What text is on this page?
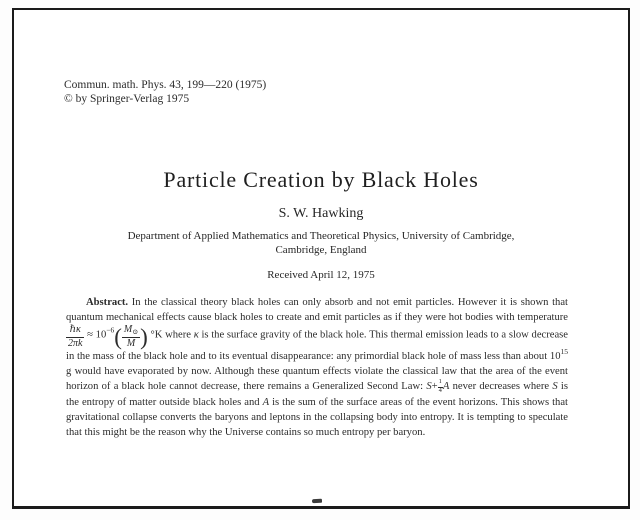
Commun. math. Phys. 43, 199—220 (1975)
© by Springer-Verlag 1975
Particle Creation by Black Holes
S. W. Hawking
Department of Applied Mathematics and Theoretical Physics, University of Cambridge,
Cambridge, England
Received April 12, 1975

Abstract. In the classical theory black holes can only absorb and not emit particles. However it is shown that quantum mechanical effects cause black holes to create and emit particles as if they were hot bodies with temperature
$\frac{\text{ℏκ}}{2\pi k} \approx 10^{-6}( \frac{M_⊙}{M}$ ) °K where κ is the surface gravity of the black hole. This thermal emission leads to a slow decrease in the mass of the black hole and to its eventual disappearance: any primordial black hole of mass less than about $10^{15}$ g would have evaporated by now. Although these quantum effects violate the classical law that the area of the event horizon of a black hole cannot decrease, there remains a Generalized Second Law: $S+ \frac{1}{4}$ A never decreases where S is the entropy of matter outside black holes and A is the sum of the surface areas of the event horizons. This shows that gravitational collapse converts the baryons and leptons in the collapsing body into entropy. It is tempting to speculate that this might be the reason why the Universe contains so much entropy per baryon.
